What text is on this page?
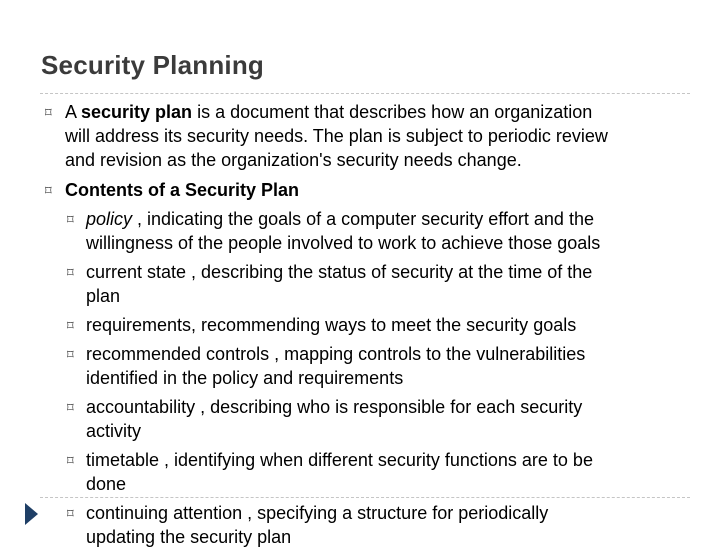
Security Planning
⌑ A security plan is a document that describes how an organization
will address its security needs. The plan is subject to periodic review
and revision as the organization's security needs change.
⌑ Contents of a Security Plan
⌑ policy , indicating the goals of a computer security effort and the
willingness of the people involved to work to achieve those goals
⌑ current state , describing the status of security at the time of the
plan
⌑ requirements, recommending ways to meet the security goals
⌑ recommended controls , mapping controls to the vulnerabilities
identified in the policy and requirements
⌑ accountability , describing who is responsible for each security
activity
⌑ timetable , identifying when different security functions are to be
done
⌑ continuing attention , specifying a structure for periodically
updating the security plan
